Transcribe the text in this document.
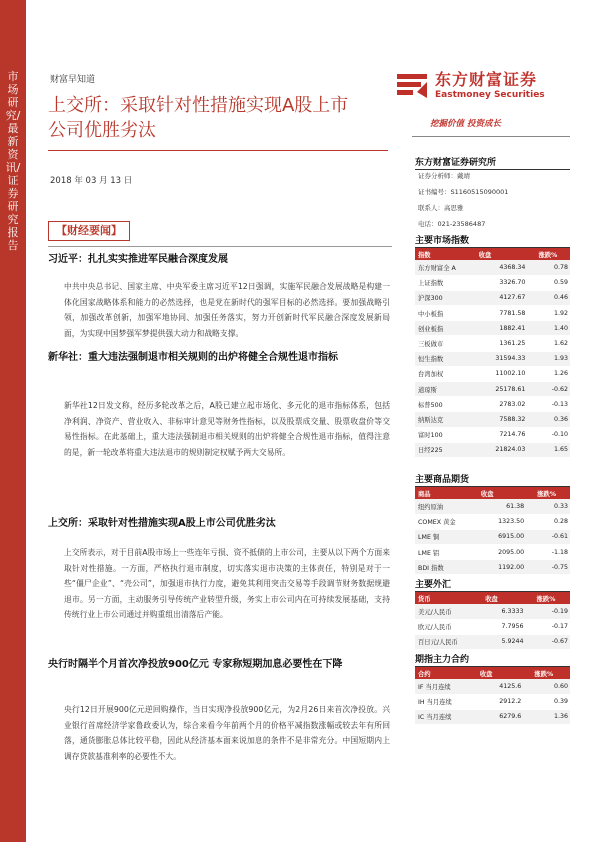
市场研究/最新资讯/证券研究报告
财富早知道
上交所：采取针对性措施实现A股上市
公司优胜劣汰
2018 年 03 月 13 日
东方财富证券
Eastmoney Securities
挖掘价值 投资成长
东方财富证券研究所
证券分析师：戴靖
证书编号：S1160515090001
联系人：高思雅
电话：021-23586487
主要市场指数
指数	收盘	涨跌%
东方财富全 A	4368.34	0.78
上证指数	3326.70	0.59
沪深300	4127.67	0.46
中小板指	7781.58	1.92
创业板指	1882.41	1.40
三板做市	1361.25	1.62
恒生指数	31594.33	1.93
台湾加权	11002.10	1.26
道琼斯	25178.61	-0.62
标普500	2783.02	-0.13
纳斯达克	7588.32	0.36
富时100	7214.76	-0.10
日经225	21824.03	1.65
主要商品期货
商品	收盘	涨跌%
纽约原油	61.38	0.33
COMEX 黄金	1323.50	0.28
LME 铜	6915.00	-0.61
LME 铝	2095.00	-1.18
BDI 指数	1192.00	-0.75
主要外汇
货币	收盘	涨跌%
美元/人民币	6.3333	-0.19
欧元/人民币	7.7956	-0.17
百日元/人民币	5.9244	-0.67
期指主力合约
合约	收盘	涨跌%
IF 当月连续	4125.6	0.60
IH 当月连续	2912.2	0.39
IC 当月连续	6279.6	1.36
【财经要闻】
习近平：扎扎实实推进军民融合深度发展
中共中央总书记、国家主席、中央军委主席习近平12日强调，实施军民融合发展战略是构建一体化国家战略体系和能力的必然选择，也是党在新时代的强军目标的必然选择。要加强战略引领，加强改革创新，加强军地协同、加强任务落实，努力开创新时代军民融合深度发展新局面，为实现中国梦强军梦提供强大动力和战略支撑。
新华社：重大违法强制退市相关规则的出炉将健全合规性退市指标
新华社12日发文称，经历多轮改革之后，A股已建立起市场化、多元化的退市指标体系，包括净利润、净资产、营业收入、非标审计意见等财务性指标，以及股票成交量、股票收盘价等交易性指标。在此基础上，重大违法强制退市相关规则的出炉将健全合规性退市指标，值得注意的是，新一轮改革将重大违法退市的规则制定权赋予两大交易所。
上交所：采取针对性措施实现A股上市公司优胜劣汰
上交所表示，对于目前A股市场上一些连年亏损、资不抵债的上市公司，主要从以下两个方面来取针对性措施。一方面，严格执行退市制度，切实落实退市决策的主体责任，特别是对于一些“僵尸企业”、“壳公司”，加强退市执行力度，避免其利用突击交易等手段调节财务数据规避退市。另一方面，主动服务引导传统产业转型升级，务实上市公司内在可持续发展基础，支持传统行业上市公司通过并购重组出清落后产能。
央行时隔半个月首次净投放900亿元 专家称短期加息必要性在下降
央行12日开展900亿元逆回购操作，当日实现净投放900亿元，为2月26日来首次净投放。兴业银行首席经济学家鲁政委认为，综合来看今年前两个月的价格平减指数涨幅或较去年有所回落，通货膨胀总体比较平稳，因此从经济基本面来说加息的条件不是非常充分。中国短期内上调存贷款基准利率的必要性不大。
